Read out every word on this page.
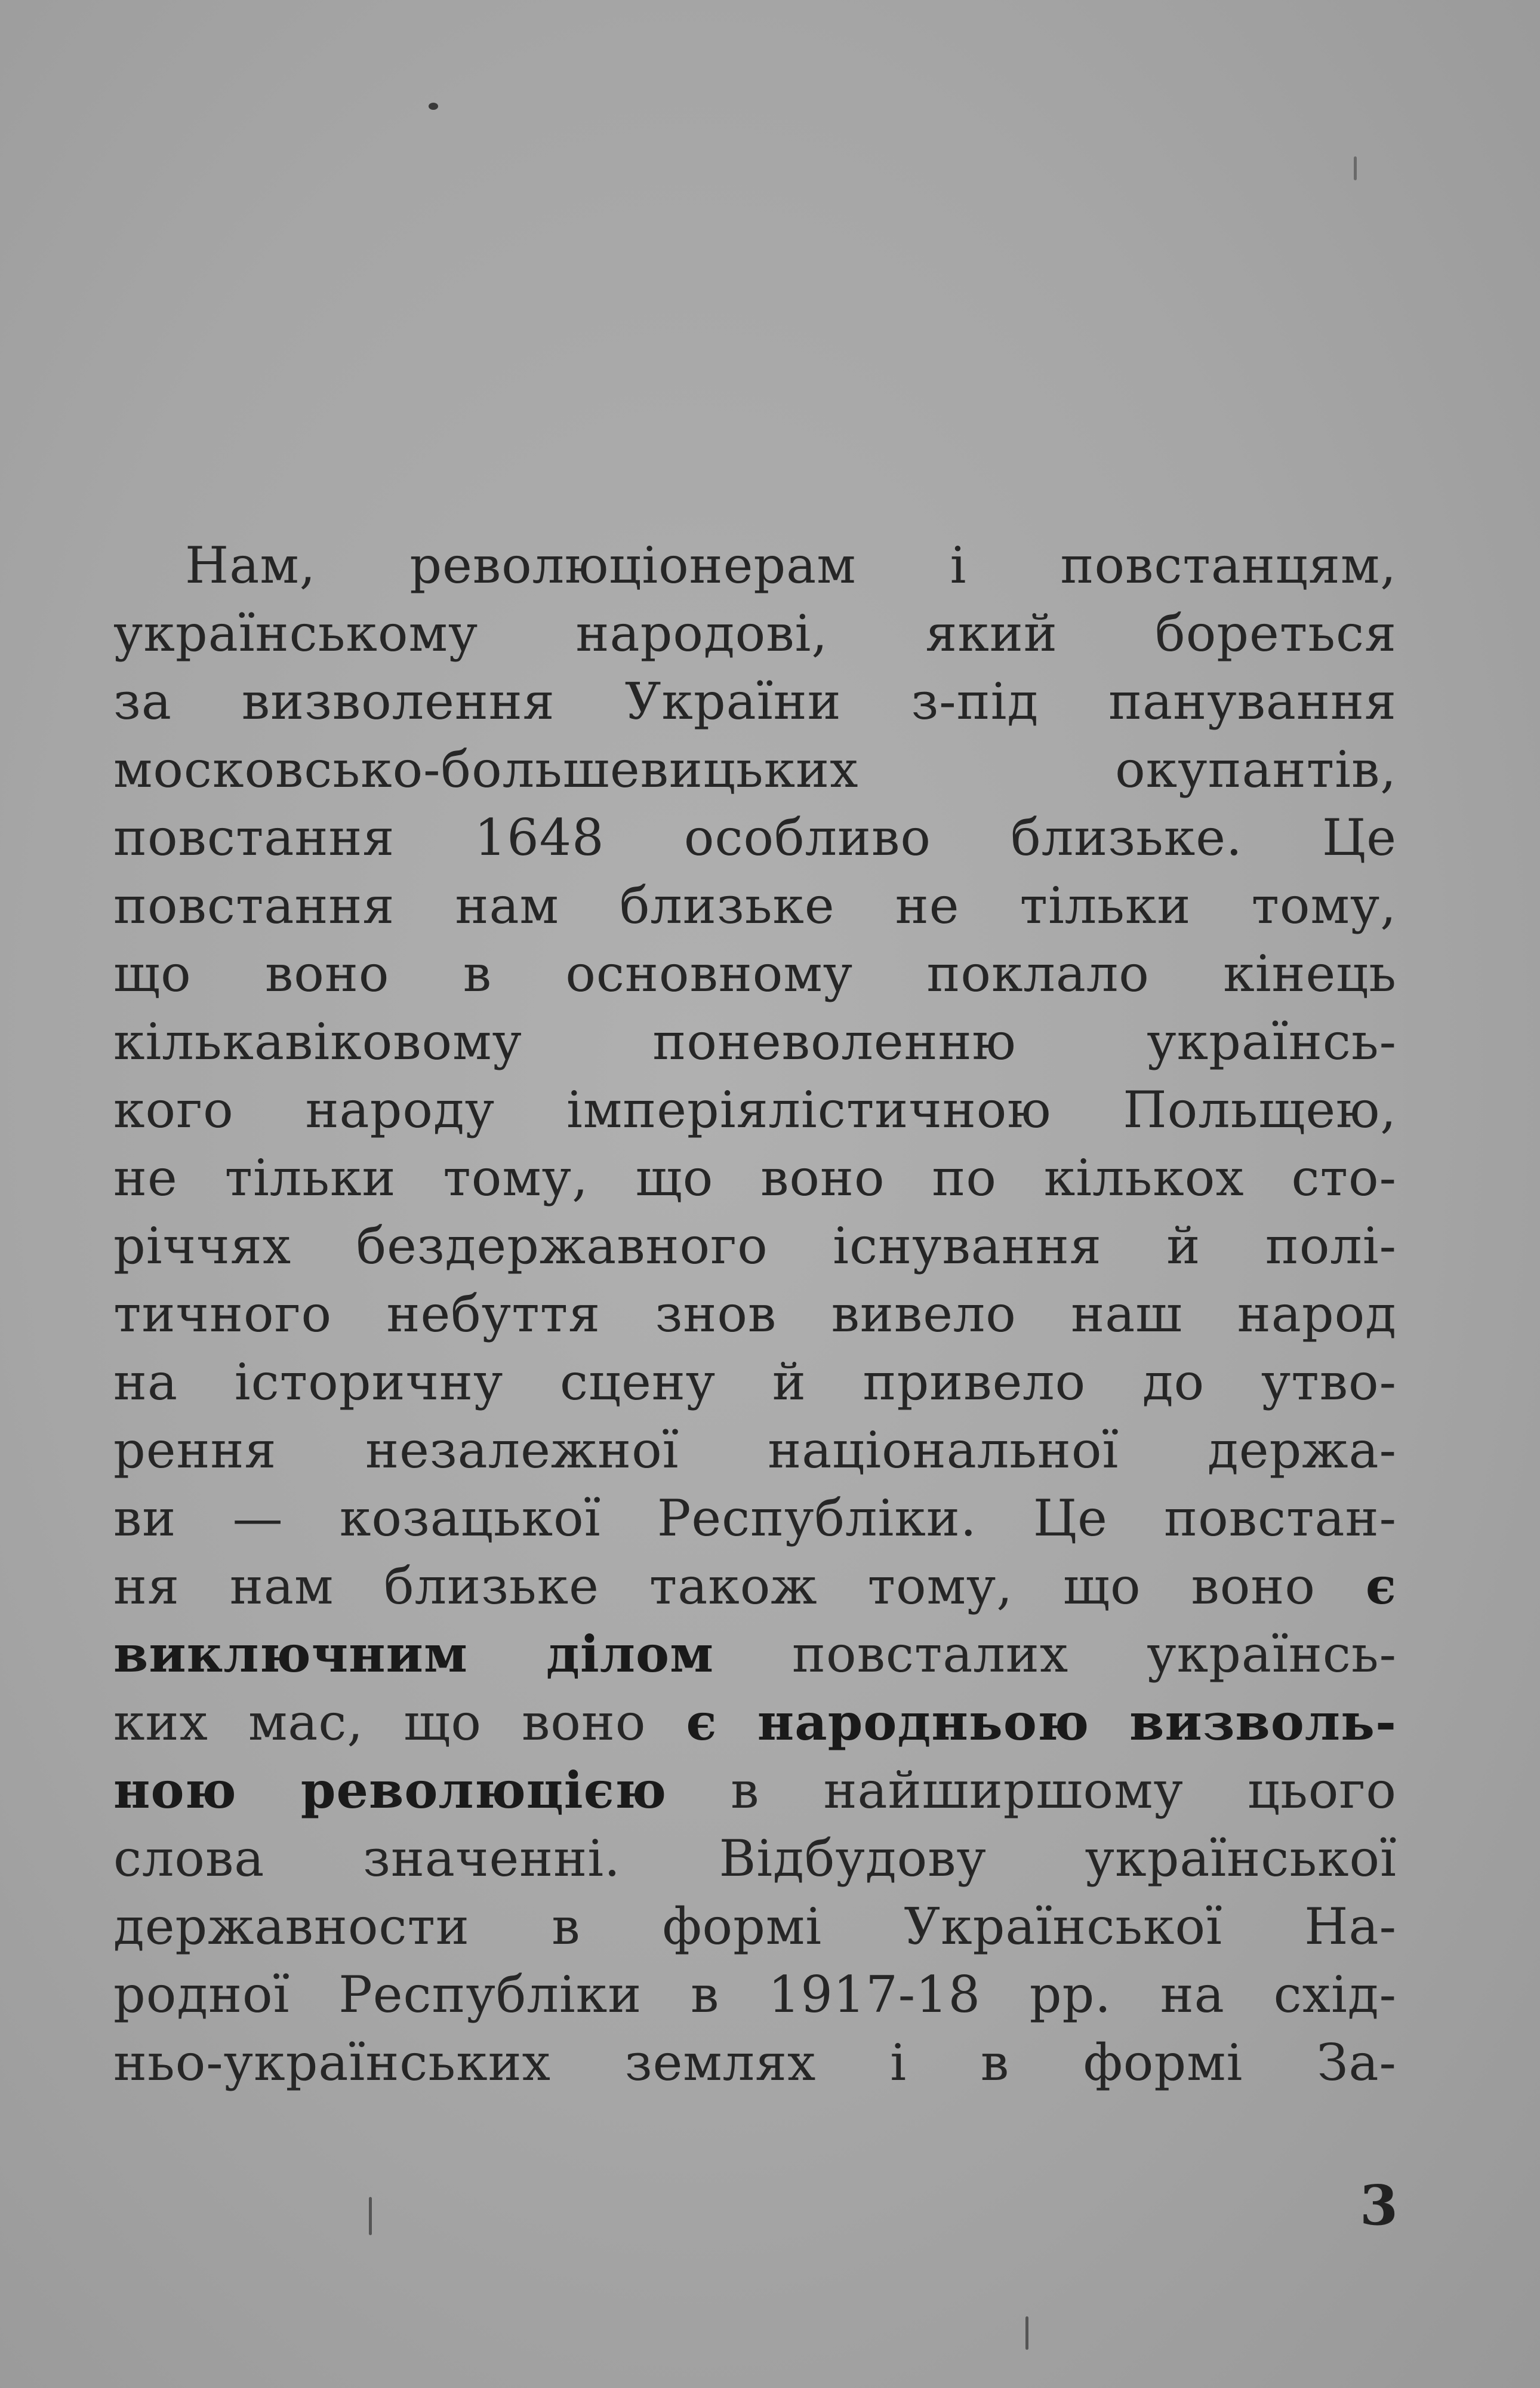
Нам, революціонерам і повстанцям,
українському народові, який бореться
за визволення України з-під панування
московсько-большевицьких	окупантів,
повстання 1648 особливо близьке. Це
повстання нам близьке не тільки тому,
що воно в основному поклало кінець
кількавіковому	поневоленню	українсь-
кого народу імперіялістичною Польщею,
не тільки тому, що воно по кількох сто-
річчях бездержавного існування й полі-
тичного небуття знов вивело наш народ
на історичну сцену й привело до утво-
рення незалежної національної держа-
ви — козацької Республіки. Це повстан-
ня нам близьке також тому, що воно є
виключним ділом повсталих українсь-
ких мас, що воно є народньою визволь-
ною революцією в найширшому цього
слова значенні. Відбудову української
державности в формі Української На-
родної Республіки в 1917-18 рр. на схід-
ньо-українських землях і в формі За-
3
